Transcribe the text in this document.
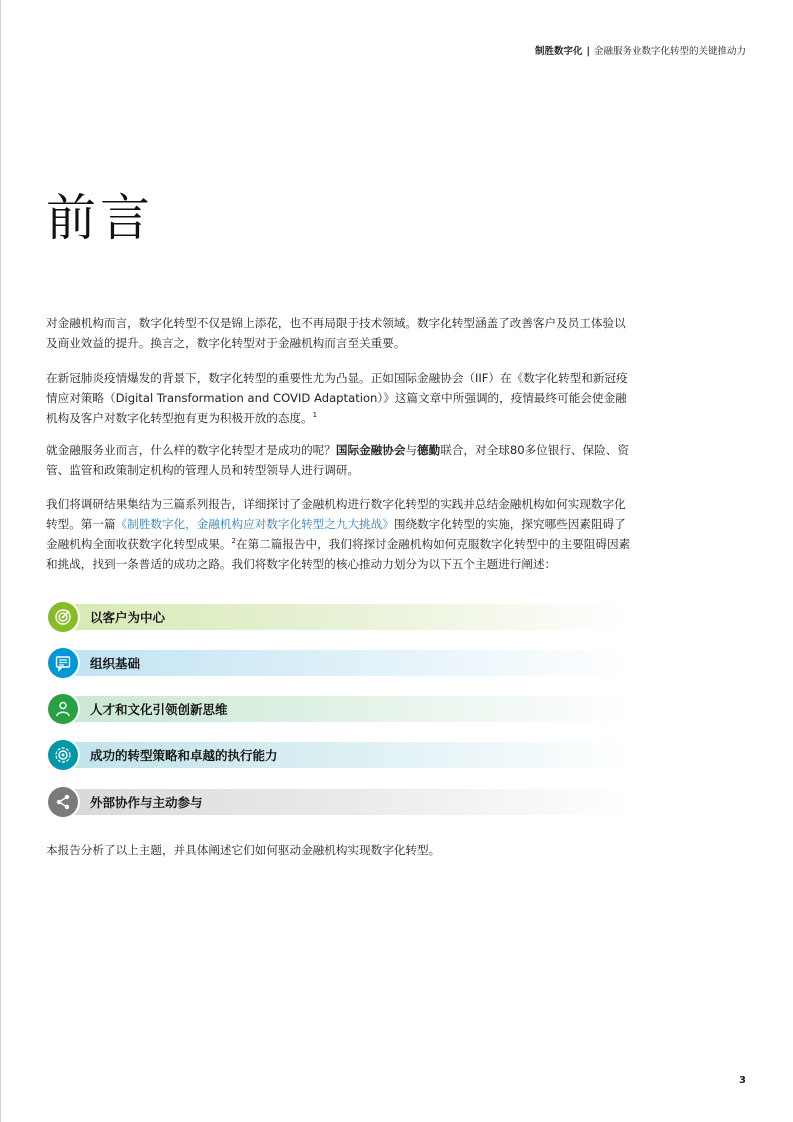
制胜数字化 | 金融服务业数字化转型的关键推动力
前言

对金融机构而言，数字化转型不仅是锦上添花，也不再局限于技术领域。数字化转型涵盖了改善客户及员工体验以及商业效益的提升。换言之，数字化转型对于金融机构而言至关重要。

在新冠肺炎疫情爆发的背景下，数字化转型的重要性尤为凸显。正如国际金融协会（IIF）在《数字化转型和新冠疫情应对策略（Digital Transformation and COVID Adaptation）》这篇文章中所强调的，疫情最终可能会使金融机构及客户对数字化转型抱有更为积极开放的态度。$^1$

就金融服务业而言，什么样的数字化转型才是成功的呢？国际金融协会与德勤联合，对全球80多位银行、保险、资管、监管和政策制定机构的管理人员和转型领导人进行调研。

我们将调研结果集结为三篇系列报告，详细探讨了金融机构进行数字化转型的实践并总结金融机构如何实现数字化转型。第一篇《制胜数字化，金融机构应对数字化转型之九大挑战》围绕数字化转型的实施，探究哪些因素阻碍了金融机构全面收获数字化转型成果。$^2$在第二篇报告中，我们将探讨金融机构如何克服数字化转型中的主要阻碍因素和挑战，找到一条普适的成功之路。我们将数字化转型的核心推动力划分为以下五个主题进行阐述：

以客户为中心
组织基础
人才和文化引领创新思维
成功的转型策略和卓越的执行能力
外部协作与主动参与

本报告分析了以上主题，并具体阐述它们如何驱动金融机构实现数字化转型。

3
